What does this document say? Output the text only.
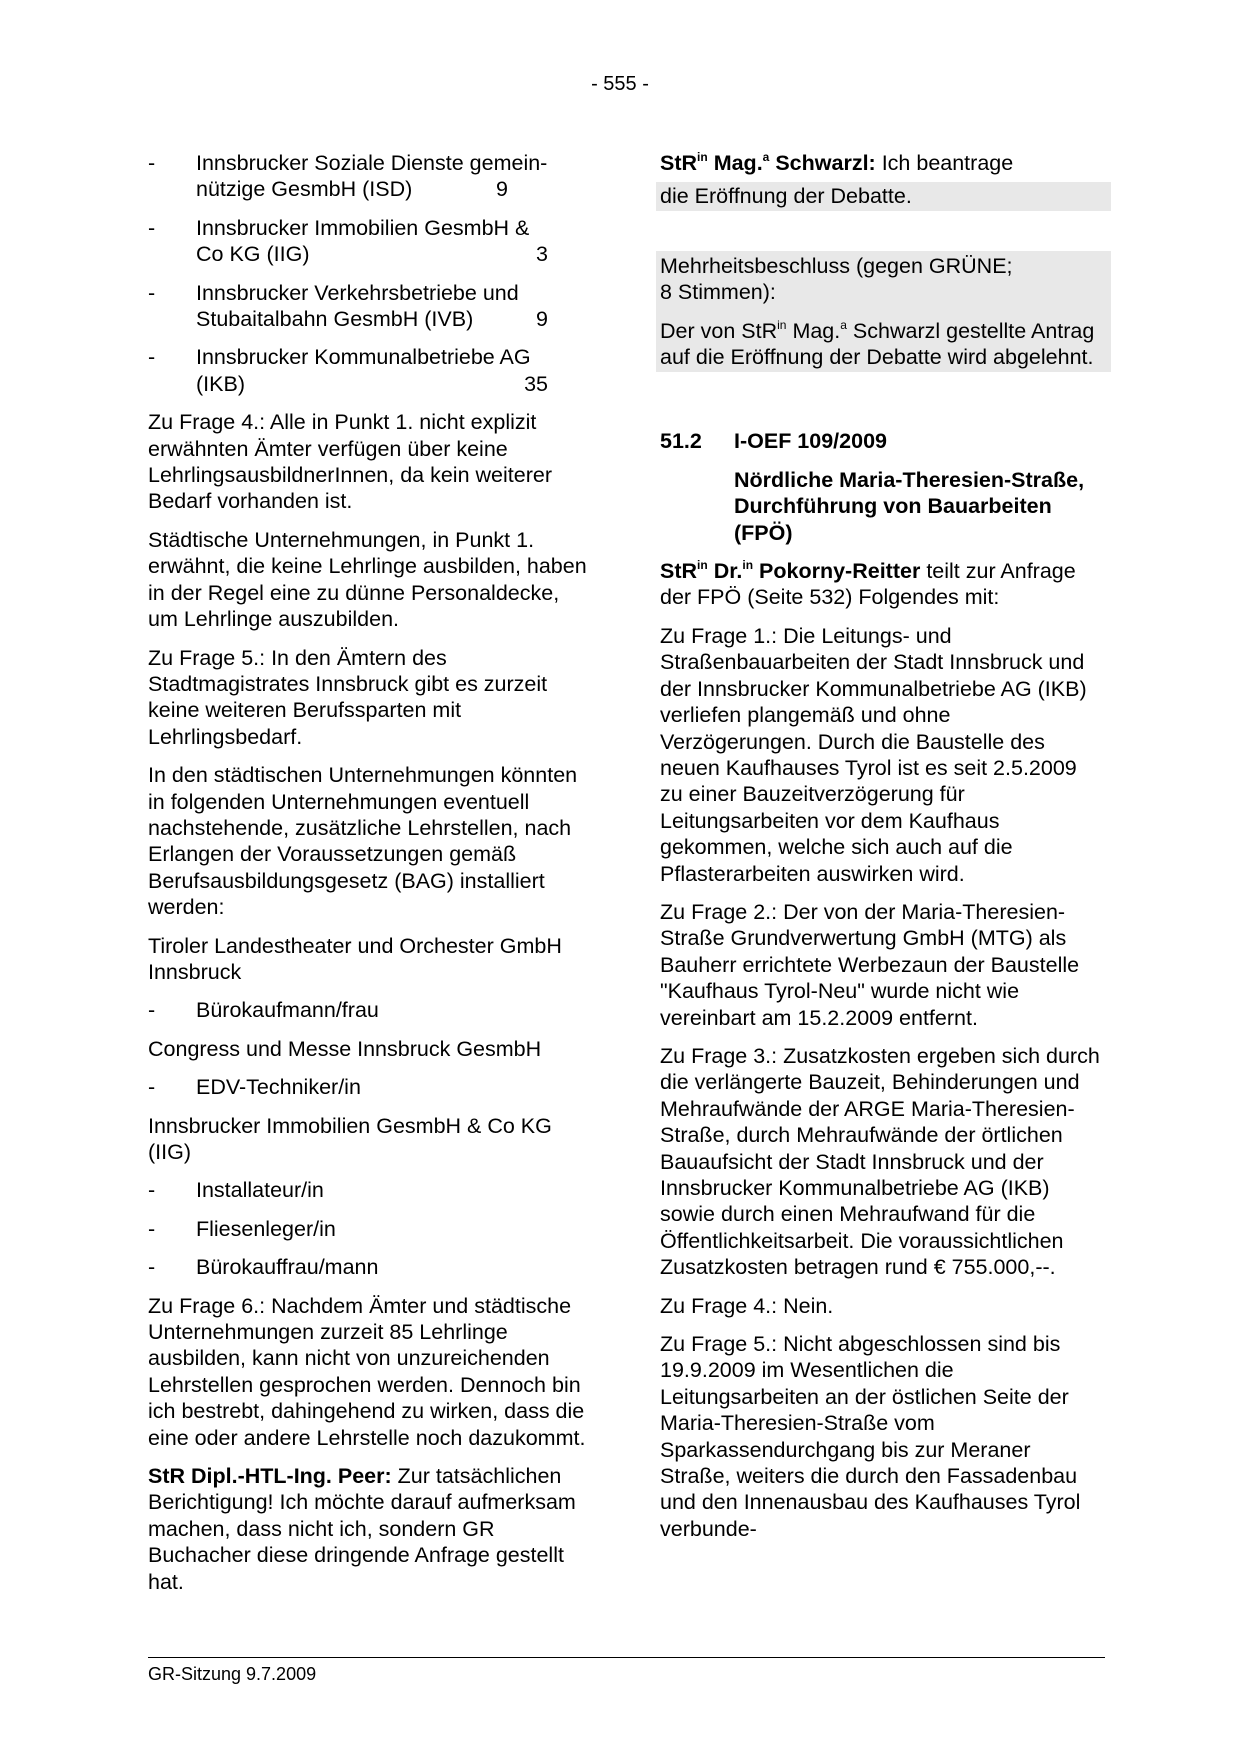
- 555 -
- Innsbrucker Soziale Dienste gemein-
nützige GesmbH (ISD)	9
- Innsbrucker Immobilien GesmbH &
Co KG (IIG)	3
- Innsbrucker Verkehrsbetriebe und
Stubaitalbahn GesmbH (IVB)	9
- Innsbrucker Kommunalbetriebe AG
(IKB)	35

Zu Frage 4.: Alle in Punkt 1. nicht explizit erwähnten Ämter verfügen über keine LehrlingsausbildnerInnen, da kein weiterer Bedarf vorhanden ist.

Städtische Unternehmungen, in Punkt 1. erwähnt, die keine Lehrlinge ausbilden, haben in der Regel eine zu dünne Personaldecke, um Lehrlinge auszubilden.

Zu Frage 5.: In den Ämtern des Stadtmagistrates Innsbruck gibt es zurzeit keine weiteren Berufssparten mit Lehrlingsbedarf.

In den städtischen Unternehmungen könnten in folgenden Unternehmungen eventuell nachstehende, zusätzliche Lehrstellen, nach Erlangen der Voraussetzungen gemäß Berufsausbildungsgesetz (BAG) installiert werden:

Tiroler Landestheater und Orchester GmbH Innsbruck

- Bürokaufmann/frau

Congress und Messe Innsbruck GesmbH

- EDV-Techniker/in

Innsbrucker Immobilien GesmbH & Co KG (IIG)

- Installateur/in
- Fliesenleger/in
- Bürokauffrau/mann

Zu Frage 6.: Nachdem Ämter und städtische Unternehmungen zurzeit 85 Lehrlinge ausbilden, kann nicht von unzureichenden Lehrstellen gesprochen werden. Dennoch bin ich bestrebt, dahingehend zu wirken, dass die eine oder andere Lehrstelle noch dazukommt.

StR Dipl.-HTL-Ing. Peer: Zur tatsächlichen Berichtigung! Ich möchte darauf aufmerksam machen, dass nicht ich, sondern GR Buchacher diese dringende Anfrage gestellt hat.

StR$^{in}$ Mag.$^a$ Schwarzl: Ich beantrage

die Eröffnung der Debatte.

Mehrheitsbeschluss (gegen GRÜNE;
8 Stimmen):
Der von StR$^{in}$ Mag.$^a$ Schwarzl gestellte Antrag auf die Eröffnung der Debatte wird abgelehnt.
51.2	I-OEF 109/2009
Nördliche Maria-Theresien-Straße, Durchführung von Bauarbeiten (FPÖ)

StR$^{in}$ Dr.$^{in}$ Pokorny-Reitter teilt zur Anfrage der FPÖ (Seite 532) Folgendes mit:

Zu Frage 1.: Die Leitungs- und Straßenbauarbeiten der Stadt Innsbruck und der Innsbrucker Kommunalbetriebe AG (IKB) verliefen plangemäß und ohne Verzögerungen. Durch die Baustelle des neuen Kaufhauses Tyrol ist es seit 2.5.2009 zu einer Bauzeitverzögerung für Leitungsarbeiten vor dem Kaufhaus gekommen, welche sich auch auf die Pflasterarbeiten auswirken wird.

Zu Frage 2.: Der von der Maria-Theresien-Straße Grundverwertung GmbH (MTG) als Bauherr errichtete Werbezaun der Baustelle "Kaufhaus Tyrol-Neu" wurde nicht wie vereinbart am 15.2.2009 entfernt.

Zu Frage 3.: Zusatzkosten ergeben sich durch die verlängerte Bauzeit, Behinderungen und Mehraufwände der ARGE Maria-Theresien-Straße, durch Mehraufwände der örtlichen Bauaufsicht der Stadt Innsbruck und der Innsbrucker Kommunalbetriebe AG (IKB) sowie durch einen Mehraufwand für die Öffentlichkeitsarbeit. Die voraussichtlichen Zusatzkosten betragen rund € 755.000,--.

Zu Frage 4.: Nein.

Zu Frage 5.: Nicht abgeschlossen sind bis 19.9.2009 im Wesentlichen die Leitungsarbeiten an der östlichen Seite der Maria-Theresien-Straße vom Sparkassendurchgang bis zur Meraner Straße, weiters die durch den Fassadenbau und den Innenausbau des Kaufhauses Tyrol verbunde-

GR-Sitzung 9.7.2009
